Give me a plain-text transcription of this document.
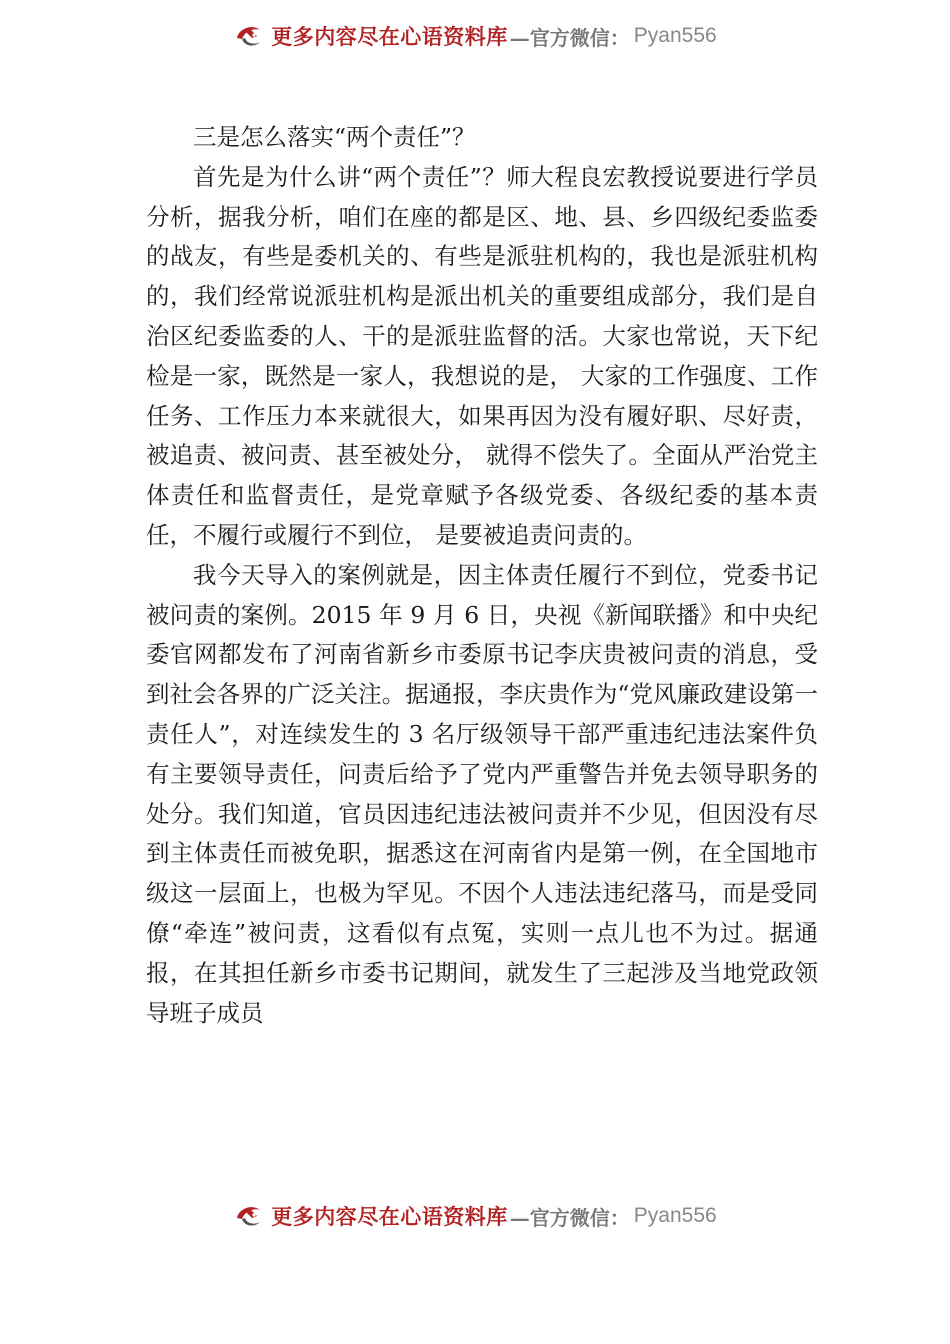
更多内容尽在心语资料库 —官方微信： Pyan556

三是怎么落实“两个责任”？

首先是为什么讲“两个责任”？师大程良宏教授说要进行学员分析，据我分析，咱们在座的都是区、地、县、乡四级纪委监委的战友，有些是委机关的、有些是派驻机构的，我也是派驻机构的，我们经常说派驻机构是派出机关的重要组成部分，我们是自治区纪委监委的人、干的是派驻监督的活。大家也常说，天下纪检是一家，既然是一家人，我想说的是， 大家的工作强度、工作任务、工作压力本来就很大，如果再因为没有履好职、尽好责，被追责、被问责、甚至被处分， 就得不偿失了。全面从严治党主体责任和监督责任，是党章赋予各级党委、各级纪委的基本责任，不履行或履行不到位， 是要被追责问责的。

我今天导入的案例就是，因主体责任履行不到位，党委书记被问责的案例。2015 年 9 月 6 日，央视《新闻联播》和中央纪委官网都发布了河南省新乡市委原书记李庆贵被问责的消息，受到社会各界的广泛关注。据通报，李庆贵作为“党风廉政建设第一责任人”，对连续发生的 3 名厅级领导干部严重违纪违法案件负有主要领导责任，问责后给予了党内严重警告并免去领导职务的处分。我们知道，官员因违纪违法被问责并不少见，但因没有尽到主体责任而被免职，据悉这在河南省内是第一例，在全国地市级这一层面上，也极为罕见。不因个人违法违纪落马，而是受同僚“牵连”被问责，这看似有点冤，实则一点儿也不为过。据通报，在其担任新乡市委书记期间，就发生了三起涉及当地党政领导班子成员

更多内容尽在心语资料库 —官方微信： Pyan556
